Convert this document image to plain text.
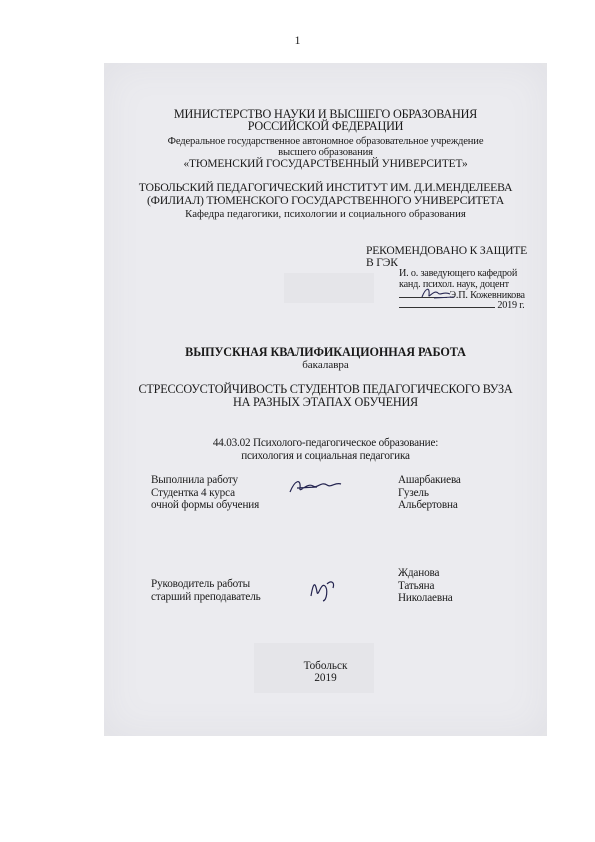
1
МИНИСТЕРСТВО НАУКИ И ВЫСШЕГО ОБРАЗОВАНИЯ
РОССИЙСКОЙ ФЕДЕРАЦИИ
Федеральное государственное автономное образовательное учреждение
высшего образования
«ТЮМЕНСКИЙ ГОСУДАРСТВЕННЫЙ УНИВЕРСИТЕТ»
ТОБОЛЬСКИЙ ПЕДАГОГИЧЕСКИЙ ИНСТИТУТ ИМ. Д.И.МЕНДЕЛЕЕВА
(ФИЛИАЛ) ТЮМЕНСКОГО ГОСУДАРСТВЕННОГО УНИВЕРСИТЕТА
Кафедра педагогики, психологии и социального образования
РЕКОМЕНДОВАНО К ЗАЩИТЕ
В ГЭК
И. о. заведующего кафедрой
канд. психол. наук, доцент
Э.П. Кожевникова
2019 г.
ВЫПУСКНАЯ КВАЛИФИКАЦИОННАЯ РАБОТА
бакалавра
СТРЕССОУСТОЙЧИВОСТЬ СТУДЕНТОВ ПЕДАГОГИЧЕСКОГО ВУЗА
НА РАЗНЫХ ЭТАПАХ ОБУЧЕНИЯ
44.03.02 Психолого-педагогическое образование:
психология и социальная педагогика
Выполнила работу
Студентка 4 курса
очной формы обучения
Ашарбакиева
Гузель
Альбертовна
Руководитель работы
старший преподаватель
Жданова
Татьяна
Николаевна
Тобольск
2019
